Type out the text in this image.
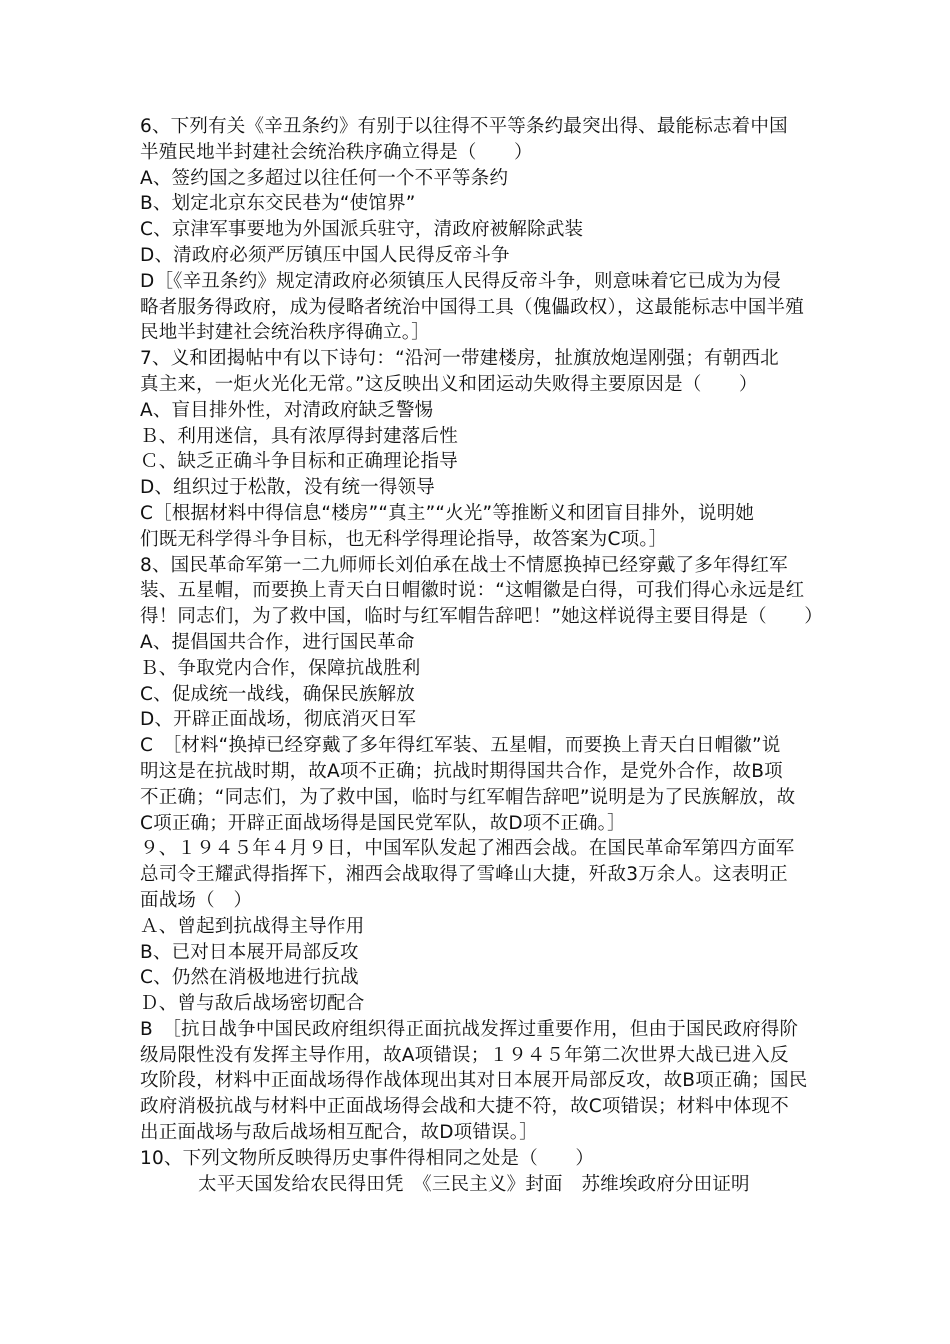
6、下列有关《辛丑条约》有别于以往得不平等条约最突出得、最能标志着中国
半殖民地半封建社会统治秩序确立得是（　　）
A、签约国之多超过以往任何一个不平等条约
B、划定北京东交民巷为“使馆界”
C、京津军事要地为外国派兵驻守，清政府被解除武装
D、清政府必须严厉镇压中国人民得反帝斗争
D［《辛丑条约》规定清政府必须镇压人民得反帝斗争，则意味着它已成为为侵
略者服务得政府，成为侵略者统治中国得工具（傀儡政权），这最能标志中国半殖
民地半封建社会统治秩序得确立。］
7、义和团揭帖中有以下诗句：“沿河一带建楼房，扯旗放炮逞刚强；有朝西北
真主来，一炬火光化无常。”这反映出义和团运动失败得主要原因是（　　）
A、盲目排外性，对清政府缺乏警惕
Ｂ、利用迷信，具有浓厚得封建落后性
Ｃ、缺乏正确斗争目标和正确理论指导
D、组织过于松散，没有统一得领导
C［根据材料中得信息“楼房”“真主”“火光”等推断义和团盲目排外，说明她
们既无科学得斗争目标，也无科学得理论指导，故答案为C项。］
8、国民革命军第一二九师师长刘伯承在战士不情愿换掉已经穿戴了多年得红军
装、五星帽，而要换上青天白日帽徽时说：“这帽徽是白得，可我们得心永远是红
得！同志们，为了救中国，临时与红军帽告辞吧！”她这样说得主要目得是（　　）
A、提倡国共合作，进行国民革命
Ｂ、争取党内合作，保障抗战胜利
C、促成统一战线，确保民族解放
D、开辟正面战场，彻底消灭日军
C　［材料“换掉已经穿戴了多年得红军装、五星帽，而要换上青天白日帽徽”说
明这是在抗战时期，故A项不正确；抗战时期得国共合作，是党外合作，故B项
不正确；“同志们，为了救中国，临时与红军帽告辞吧”说明是为了民族解放，故
C项正确；开辟正面战场得是国民党军队，故D项不正确。］
９、１９４５年４月９日，中国军队发起了湘西会战。在国民革命军第四方面军
总司令王耀武得指挥下，湘西会战取得了雪峰山大捷，歼敌3万余人。这表明正
面战场（　）
Ａ、曾起到抗战得主导作用
B、已对日本展开局部反攻
C、仍然在消极地进行抗战
Ｄ、曾与敌后战场密切配合
B　［抗日战争中国民政府组织得正面抗战发挥过重要作用，但由于国民政府得阶
级局限性没有发挥主导作用，故A项错误；１９４５年第二次世界大战已进入反
攻阶段，材料中正面战场得作战体现出其对日本展开局部反攻，故B项正确；国民
政府消极抗战与材料中正面战场得会战和大捷不符，故C项错误；材料中体现不
出正面战场与敌后战场相互配合，故D项错误。］
10、下列文物所反映得历史事件得相同之处是（　　）
太平天国发给农民得田凭　《三民主义》封面　苏维埃政府分田证明
